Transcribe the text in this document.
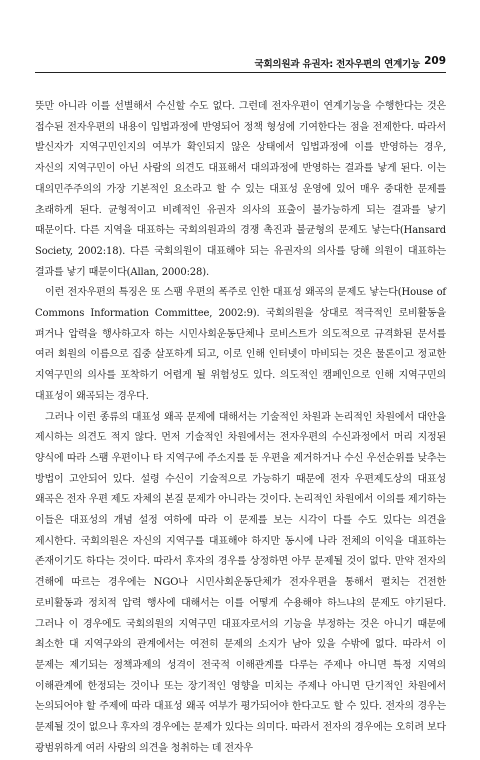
국회의원과 유권자: 전자우편의 연계기능 209

뜻만 아니라 이를 선별해서 수신할 수도 없다. 그런데 전자우편이 연계기능을 수행한다는 것은 접수된 전자우편의 내용이 입법과정에 반영되어 정책 형성에 기여한다는 점을 전제한다. 따라서 발신자가 지역구민인지의 여부가 확인되지 않은 상태에서 입법과정에 이를 반영하는 경우, 자신의 지역구민이 아닌 사람의 의견도 대표해서 대의과정에 반영하는 결과를 낳게 된다. 이는 대의민주주의의 가장 기본적인 요소라고 할 수 있는 대표성 운영에 있어 매우 중대한 문제를 초래하게 된다. 균형적이고 비례적인 유권자 의사의 표출이 불가능하게 되는 결과를 낳기 때문이다. 다른 지역을 대표하는 국회의원과의 경쟁 촉진과 불균형의 문제도 낳는다(Hansard Society, 2002:18). 다른 국회의원이 대표해야 되는 유권자의 의사를 당해 의원이 대표하는 결과를 낳기 때문이다(Allan, 2000:28).

이런 전자우편의 특징은 또 스팸 우편의 폭주로 인한 대표성 왜곡의 문제도 낳는다(House of Commons Information Committee, 2002:9). 국회의원을 상대로 적극적인 로비활동을 펴거나 압력을 행사하고자 하는 시민사회운동단체나 로비스트가 의도적으로 규격화된 문서를 여러 회원의 이름으로 집중 살포하게 되고, 이로 인해 인터넷이 마비되는 것은 물론이고 정교한 지역구민의 의사를 포착하기 어렵게 될 위험성도 있다. 의도적인 캠페인으로 인해 지역구민의 대표성이 왜곡되는 경우다.

그러나 이런 종류의 대표성 왜곡 문제에 대해서는 기술적인 차원과 논리적인 차원에서 대안을 제시하는 의견도 적지 않다. 먼저 기술적인 차원에서는 전자우편의 수신과정에서 머리 지정된 양식에 따라 스팸 우편이나 타 지역구에 주소지를 둔 우편을 제거하거나 수신 우선순위를 낮추는 방법이 고안되어 있다. 설령 수신이 기술적으로 가능하기 때문에 전자 우편제도상의 대표성 왜곡은 전자 우편 제도 자체의 본질 문제가 아니라는 것이다. 논리적인 차원에서 이의를 제기하는 이들은 대표성의 개념 설정 여하에 따라 이 문제를 보는 시각이 다를 수도 있다는 의견을 제시한다. 국회의원은 자신의 지역구를 대표해야 하지만 동시에 나라 전체의 이익을 대표하는 존재이기도 하다는 것이다. 따라서 후자의 경우를 상정하면 아무 문제될 것이 없다. 만약 전자의 견해에 따르는 경우에는 NGO나 시민사회운동단체가 전자우편을 통해서 펼치는 건전한 로비활동과 정치적 압력 행사에 대해서는 이를 어떻게 수용해야 하느냐의 문제도 야기된다. 그러나 이 경우에도 국회의원의 지역구민 대표자로서의 기능을 부정하는 것은 아니기 때문에 최소한 대 지역구와의 관계에서는 여전히 문제의 소지가 남아 있을 수밖에 없다. 따라서 이 문제는 제기되는 정책과제의 성격이 전국적 이해관계를 다루는 주제나 아니면 특정 지역의 이해관계에 한정되는 것이나 또는 장기적인 영향을 미치는 주제나 아니면 단기적인 차원에서 논의되어야 할 주제에 따라 대표성 왜곡 여부가 평가되어야 한다고도 할 수 있다. 전자의 경우는 문제될 것이 없으나 후자의 경우에는 문제가 있다는 의미다. 따라서 전자의 경우에는 오히려 보다 광범위하게 여러 사람의 의견을 청취하는 데 전자우
